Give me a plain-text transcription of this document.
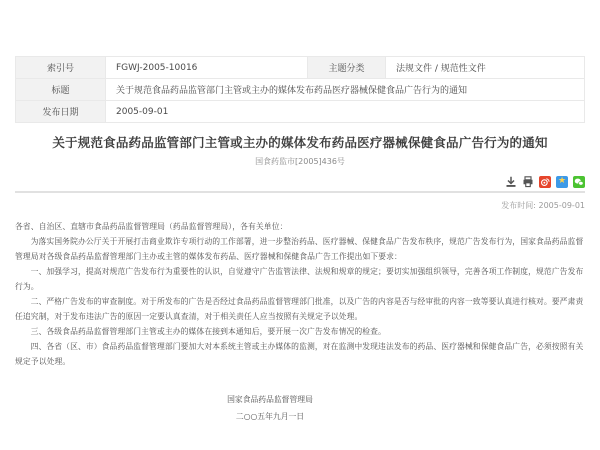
索引号	FGWJ-2005-10016	主题分类	法规文件 / 规范性文件
标题	关于规范食品药品监管部门主管或主办的媒体发布药品医疗器械保健食品广告行为的通知		
发布日期	2005-09-01		
关于规范食品药品监管部门主管或主办的媒体发布药品医疗器械保健食品广告行为的通知
国食药监市[2005]436号
★
发布时间: 2005-09-01

各省、自治区、直辖市食品药品监督管理局（药品监督管理局），各有关单位：

为落实国务院办公厅关于开展打击商业欺诈专项行动的工作部署，进一步整治药品、医疗器械、保健食品广告发布秩序，规范广告发布行为，国家食品药品监督管理局对各级食品药品监督管理部门主办或主管的媒体发布药品、医疗器械和保健食品广告工作提出如下要求：

一、加强学习，提高对规范广告发布行为重要性的认识，自觉遵守广告监管法律、法规和规章的规定；要切实加强组织领导，完善各项工作制度，规范广告发布行为。

二、严格广告发布的审查制度。对于所发布的广告是否经过食品药品监督管理部门批准，以及广告的内容是否与经审批的内容一致等要认真进行核对。要严肃责任追究制，对于发布违法广告的原因一定要认真查清，对于相关责任人应当按照有关规定予以处理。

三、各级食品药品监督管理部门主管或主办的媒体在接到本通知后，要开展一次广告发布情况的检查。

四、各省（区、市）食品药品监督管理部门要加大对本系统主管或主办媒体的监测，对在监测中发现违法发布的药品、医疗器械和保健食品广告，必须按照有关规定予以处理。

国家食品药品监督管理局
二○○五年九月一日
